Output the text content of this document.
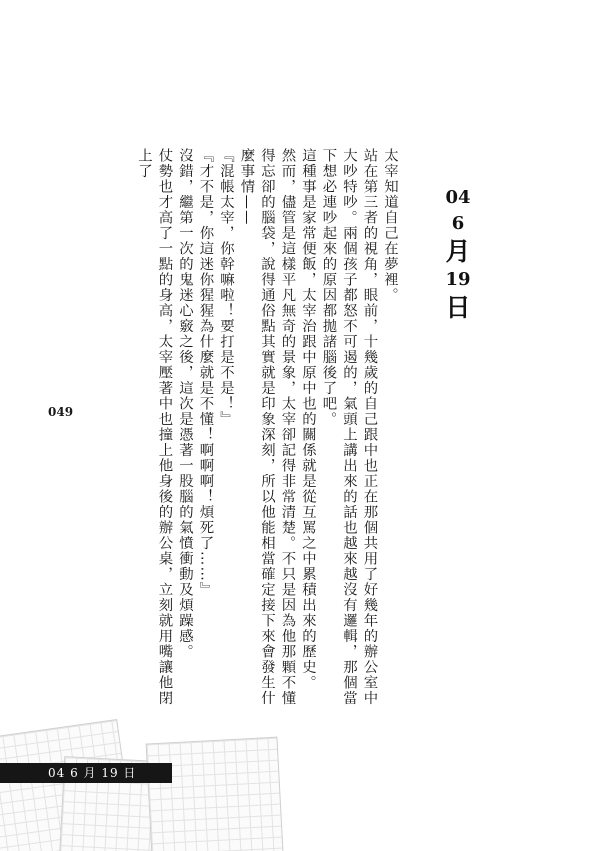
04 6 月 19 日
049
04
6
月
19
日

太宰知道自己在夢裡。

站在第三者的視角，眼前，十幾歲的自己跟中也正在那個共用了好幾年的辦公室中大吵特吵。兩個孩子都怒不可遏的，氣頭上講出來的話也越來越沒有邏輯，那個當下想必連吵起來的原因都拋諸腦後了吧。

這種事是家常便飯，太宰治跟中原中也的關係就是從互罵之中累積出來的歷史。

然而，儘管是這樣平凡無奇的景象，太宰卻記得非常清楚。不只是因為他那顆不懂得忘卻的腦袋，說得通俗點其實就是印象深刻，所以他能相當確定接下來會發生什麼事情——

『混帳太宰，你幹嘛啦！要打是不是！』

『才不是，你這迷你猩猩為什麼就是不懂！啊啊啊！煩死了……』

沒錯，繼第一次的鬼迷心竅之後，這次是憑著一股腦的氣憤衝動及煩躁感。

仗勢也才高了一點的身高，太宰壓著中也撞上他身後的辦公桌，立刻就用嘴讓他閉上了
